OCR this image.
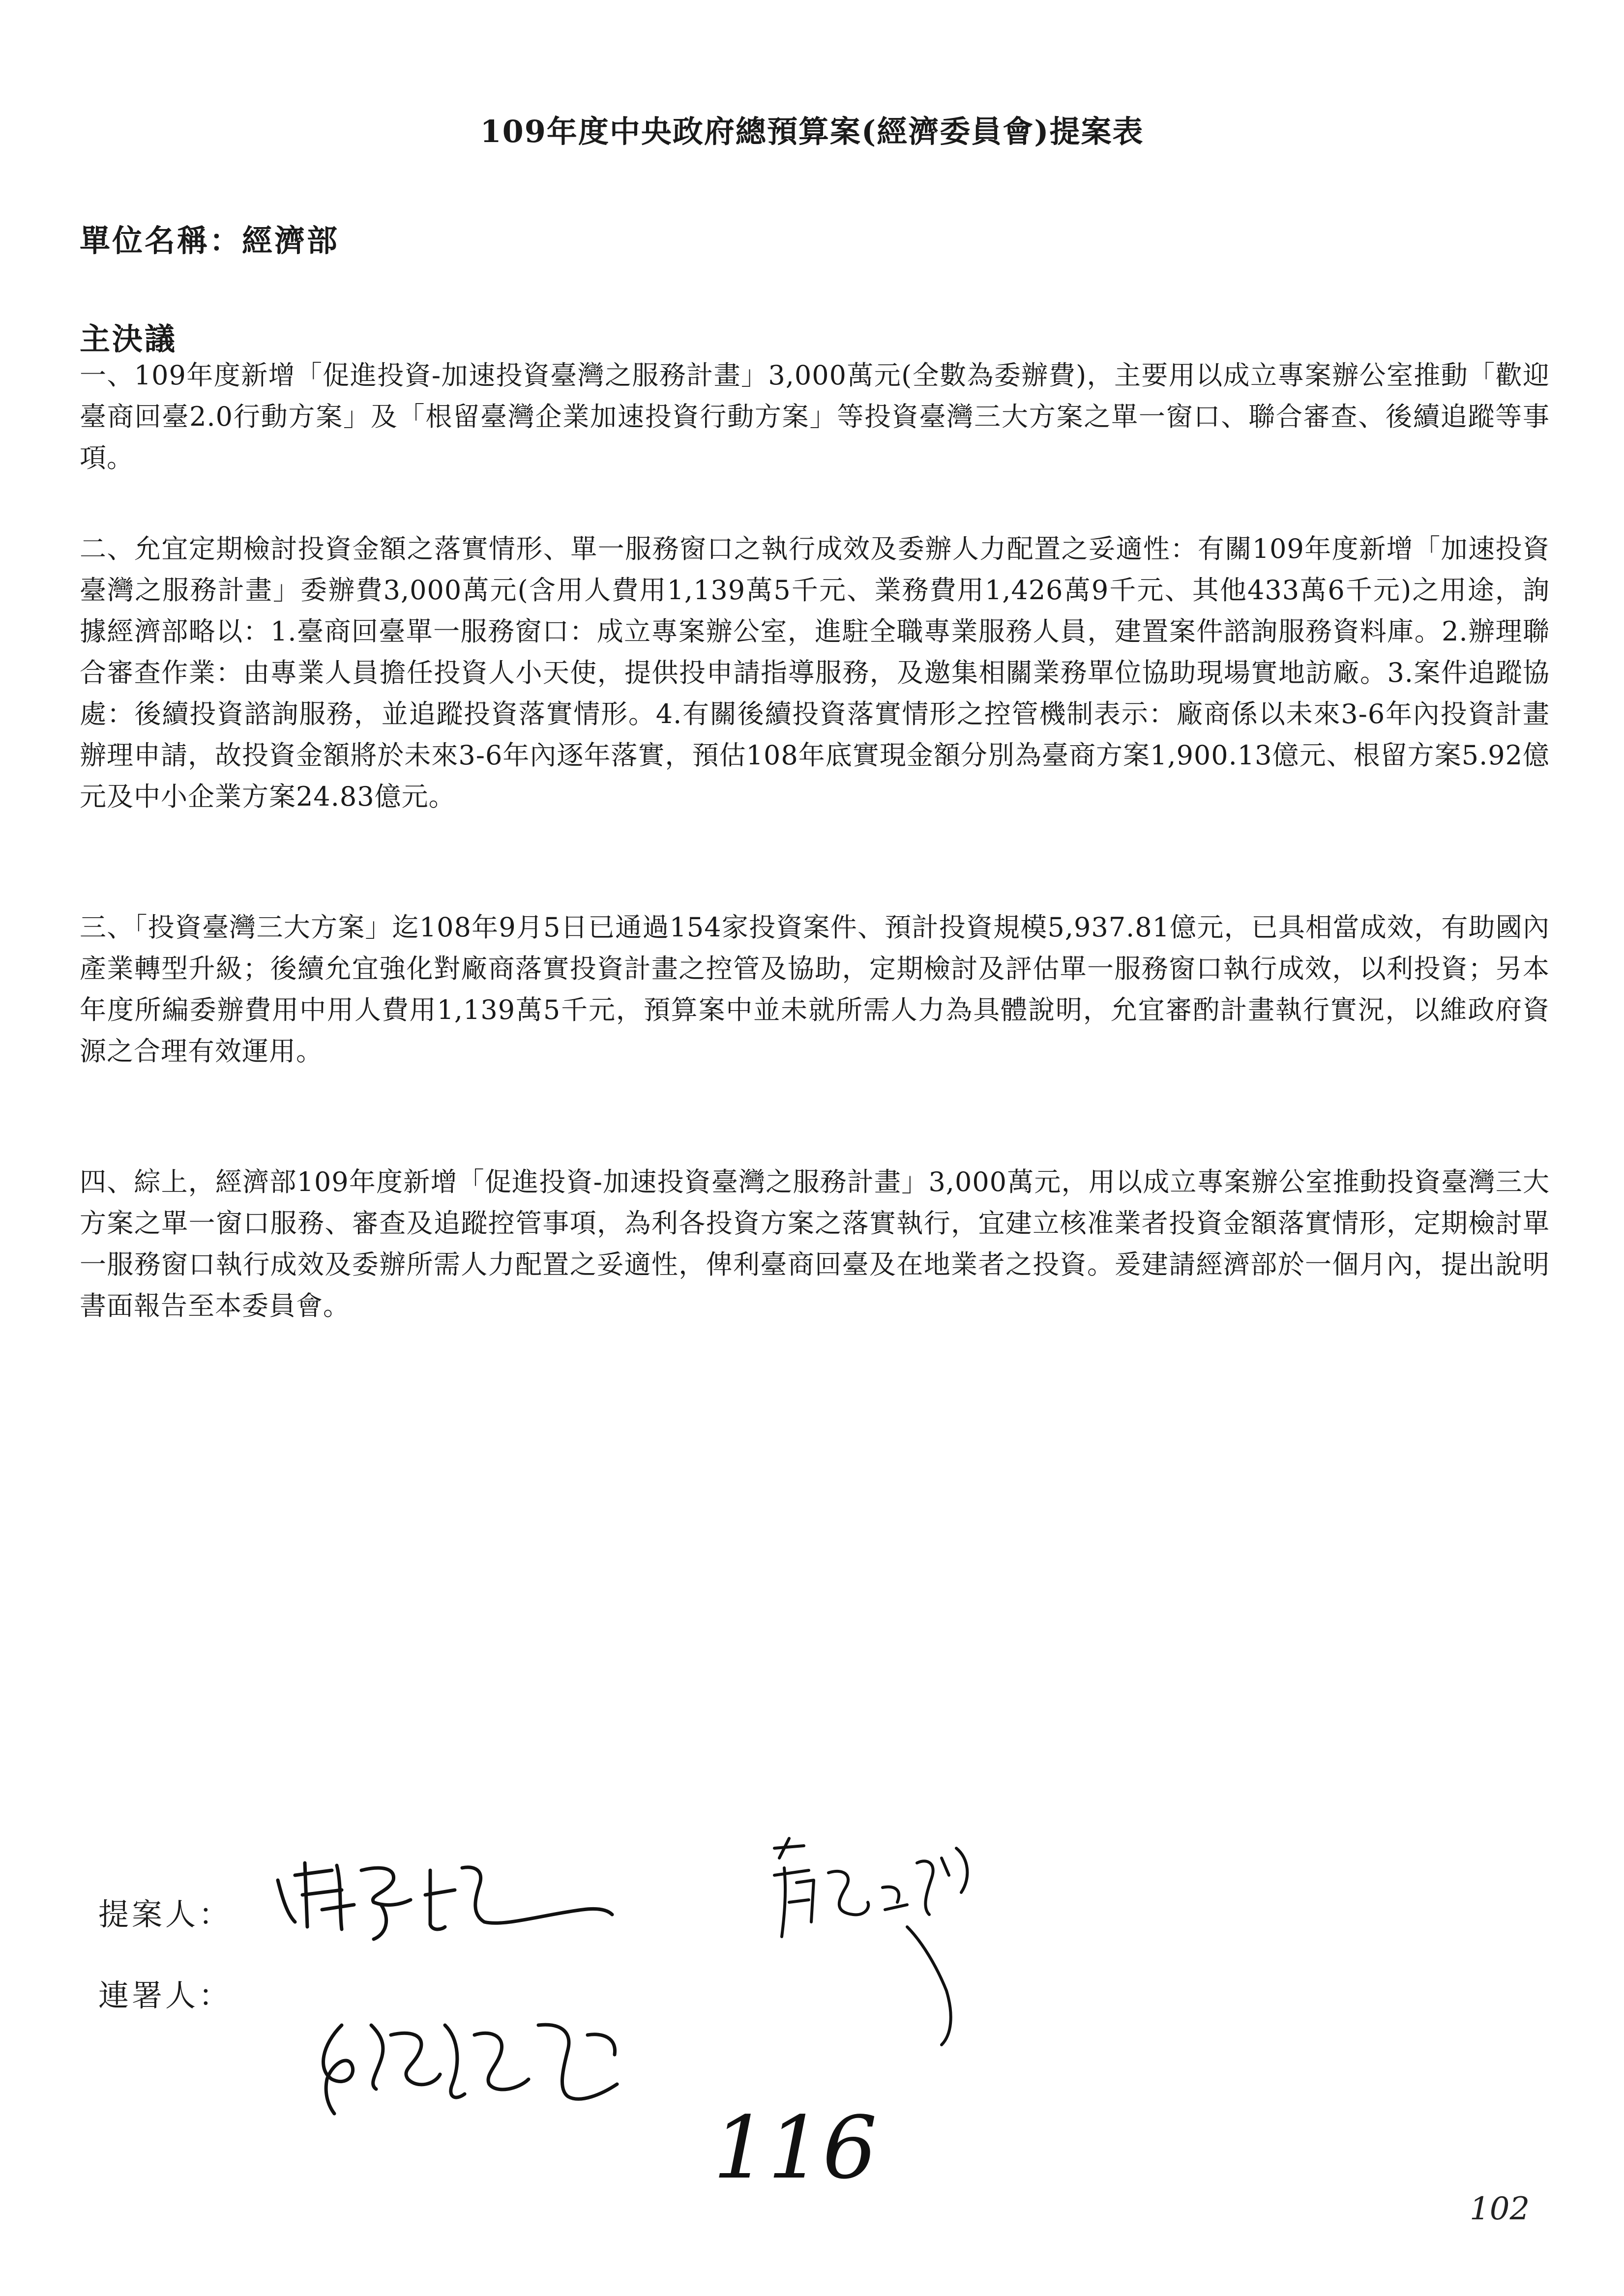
109年度中央政府總預算案(經濟委員會)提案表
單位名稱：經濟部
主決議
一、109年度新增「促進投資-加速投資臺灣之服務計畫」3,000萬元(全數為委辦費)，主要用以成立專案辦公室推動「歡迎臺商回臺2.0行動方案」及「根留臺灣企業加速投資行動方案」等投資臺灣三大方案之單一窗口、聯合審查、後續追蹤等事項。
二、允宜定期檢討投資金額之落實情形、單一服務窗口之執行成效及委辦人力配置之妥適性：有關109年度新增「加速投資臺灣之服務計畫」委辦費3,000萬元(含用人費用1,139萬5千元、業務費用1,426萬9千元、其他433萬6千元)之用途，詢據經濟部略以：1.臺商回臺單一服務窗口：成立專案辦公室，進駐全職專業服務人員，建置案件諮詢服務資料庫。2.辦理聯合審查作業：由專業人員擔任投資人小天使，提供投申請指導服務，及邀集相關業務單位協助現場實地訪廠。3.案件追蹤協處：後續投資諮詢服務，並追蹤投資落實情形。4.有關後續投資落實情形之控管機制表示：廠商係以未來3-6年內投資計畫辦理申請，故投資金額將於未來3-6年內逐年落實，預估108年底實現金額分別為臺商方案1,900.13億元、根留方案5.92億元及中小企業方案24.83億元。
三、「投資臺灣三大方案」迄108年9月5日已通過154家投資案件、預計投資規模5,937.81億元，已具相當成效，有助國內產業轉型升級；後續允宜強化對廠商落實投資計畫之控管及協助，定期檢討及評估單一服務窗口執行成效，以利投資；另本年度所編委辦費用中用人費用1,139萬5千元，預算案中並未就所需人力為具體說明，允宜審酌計畫執行實況，以維政府資源之合理有效運用。
四、綜上，經濟部109年度新增「促進投資-加速投資臺灣之服務計畫」3,000萬元，用以成立專案辦公室推動投資臺灣三大方案之單一窗口服務、審查及追蹤控管事項，為利各投資方案之落實執行，宜建立核准業者投資金額落實情形，定期檢討單一服務窗口執行成效及委辦所需人力配置之妥適性，俾利臺商回臺及在地業者之投資。爰建請經濟部於一個月內，提出說明書面報告至本委員會。
提案人：
連署人：
116
102
